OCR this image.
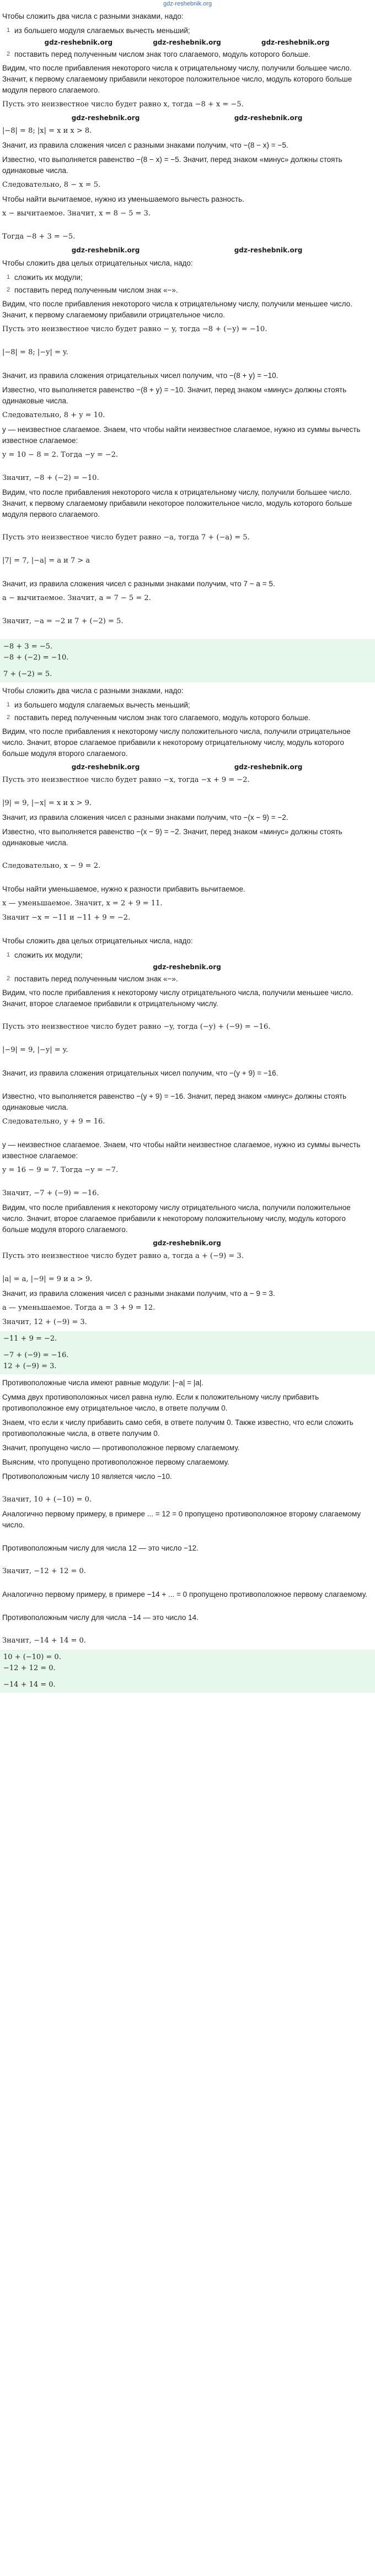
gdz-reshebnik.org

Чтобы сложить два числа с разными знаками, надо:

1 из большего модуля слагаемых вычесть меньший;
gdz-reshebnik.org	gdz-reshebnik.org	gdz-reshebnik.org
2 поставить перед полученным числом знак того слагаемого, модуль которого больше.

Видим, что после прибавления некоторого числа к отрицательному числу, получили большее число. Значит, к первому слагаемому прибавили некоторое положительное число, модуль которого больше модуля первого слагаемого.

Пусть это неизвестное число будет равно x, тогда −8 + x = −5.

gdz-reshebnik.org	gdz-reshebnik.org

|−8| = 8; |x| = x и x > 8.

Значит, из правила сложения чисел с разными знаками получим, что −(8 − x) = −5.

Известно, что выполняется равенство −(8 − x) = −5. Значит, перед знаком «минус» должны стоять одинаковые числа.

Следовательно, 8 − x = 5.

Чтобы найти вычитаемое, нужно из уменьшаемого вычесть разность.

x − вычитаемое. Значит, x = 8 − 5 = 3.

Тогда −8 + 3 = −5.

gdz-reshebnik.org	gdz-reshebnik.org

Чтобы сложить два целых отрицательных числа, надо:

1 сложить их модули;
2 поставить перед полученным числом знак «−».

Видим, что после прибавления некоторого числа к отрицательному числу, получили меньшее число. Значит, к первому слагаемому прибавили отрицательное число.

Пусть это неизвестное число будет равно − y, тогда −8 + (−y) = −10.

|−8| = 8; |−y| = y.

Значит, из правила сложения отрицательных чисел получим, что −(8 + y) = −10.

Известно, что выполняется равенство −(8 + y) = −10. Значит, перед знаком «минус» должны стоять одинаковые числа.

Следовательно, 8 + y = 10.

y — неизвестное слагаемое. Знаем, что чтобы найти неизвестное слагаемое, нужно из суммы вычесть известное слагаемое:

y = 10 − 8 = 2. Тогда −y = −2.

Значит, −8 + (−2) = −10.

Видим, что после прибавления некоторого числа к отрицательному числу, получили большее число. Значит, к первому слагаемому прибавили некоторое положительное число, модуль которого больше модуля первого слагаемого.

Пусть это неизвестное число будет равно −a, тогда 7 + (−a) = 5.

|7| = 7, |−a| = a и 7 > a

Значит, из правила сложения чисел с разными знаками получим, что 7 − a = 5.

a − вычитаемое. Значит, a = 7 − 5 = 2.

Значит, −a = −2 и 7 + (−2) = 5.

−8 + 3 = −5.

−8 + (−2) = −10.

7 + (−2) = 5.

Чтобы сложить два числа с разными знаками, надо:

1 из большего модуля слагаемых вычесть меньший;
2 поставить перед полученным числом знак того слагаемого, модуль которого больше.

Видим, что после прибавления к некоторому числу положительного числа, получили отрицательное число. Значит, второе слагаемое прибавили к некоторому отрицательному числу, модуль которого больше модуля второго слагаемого.

gdz-reshebnik.org	gdz-reshebnik.org

Пусть это неизвестное число будет равно −x, тогда −x + 9 = −2.

|9| = 9, |−x| = x и x > 9.

Значит, из правила сложения чисел с разными знаками получим, что −(x − 9) = −2.

Известно, что выполняется равенство −(x − 9) = −2. Значит, перед знаком «минус» должны стоять одинаковые числа.

Следовательно, x − 9 = 2.

Чтобы найти уменьшаемое, нужно к разности прибавить вычитаемое.

x — уменьшаемое. Значит, x = 2 + 9 = 11.

Значит −x = −11 и −11 + 9 = −2.

Чтобы сложить два целых отрицательных числа, надо:

1 сложить их модули;
gdz-reshebnik.org
2 поставить перед полученным числом знак «−».

Видим, что после прибавления к некоторому числу отрицательного числа, получили меньшее число. Значит, второе слагаемое прибавили к отрицательному числу.

Пусть это неизвестное число будет равно −y, тогда (−y) + (−9) = −16.

|−9| = 9, |−y| = y.

Значит, из правила сложения отрицательных чисел получим, что −(y + 9) = −16.

Известно, что выполняется равенство −(y + 9) = −16. Значит, перед знаком «минус» должны стоять одинаковые числа.

Следовательно, y + 9 = 16.

y — неизвестное слагаемое. Знаем, что чтобы найти неизвестное слагаемое, нужно из суммы вычесть известное слагаемое:

y = 16 − 9 = 7. Тогда −y = −7.

Значит, −7 + (−9) = −16.

Видим, что после прибавления к некоторому числу отрицательного числа, получили положительное число. Значит, второе слагаемое прибавили к некоторому положительному числу, модуль которого больше модуля второго слагаемого.

gdz-reshebnik.org

Пусть это неизвестное число будет равно a, тогда a + (−9) = 3.

|a| = a, |−9| = 9 и a > 9.

Значит, из правила сложения чисел с разными знаками получим, что a − 9 = 3.

a — уменьшаемое. Тогда a = 3 + 9 = 12.

Значит, 12 + (−9) = 3.

−11 + 9 = −2.

−7 + (−9) = −16.

12 + (−9) = 3.

Противоположные числа имеют равные модули: |−a| = |a|.

Сумма двух противоположных чисел равна нулю. Если к положительному числу прибавить противоположное ему отрицательное число, в ответе получим 0.

Знаем, что если к числу прибавить само себя, в ответе получим 0. Также известно, что если сложить противоположные числа, в ответе получим 0.

Значит, пропущено число — противоположное первому слагаемому.

Выясним, что пропущено противоположное первому слагаемому.

Противоположным числу 10 является число −10.

Значит, 10 + (−10) = 0.

Аналогично первому примеру, в примере ... = 12 = 0 пропущено противоположное второму слагаемому число.

Противоположным числу для числа 12 — это число −12.

Значит, −12 + 12 = 0.

Аналогично первому примеру, в примере −14 + ... = 0 пропущено противоположное первому слагаемому.

Противоположным числу для числа −14 — это число 14.

Значит, −14 + 14 = 0.

10 + (−10) = 0.

−12 + 12 = 0.

−14 + 14 = 0.
